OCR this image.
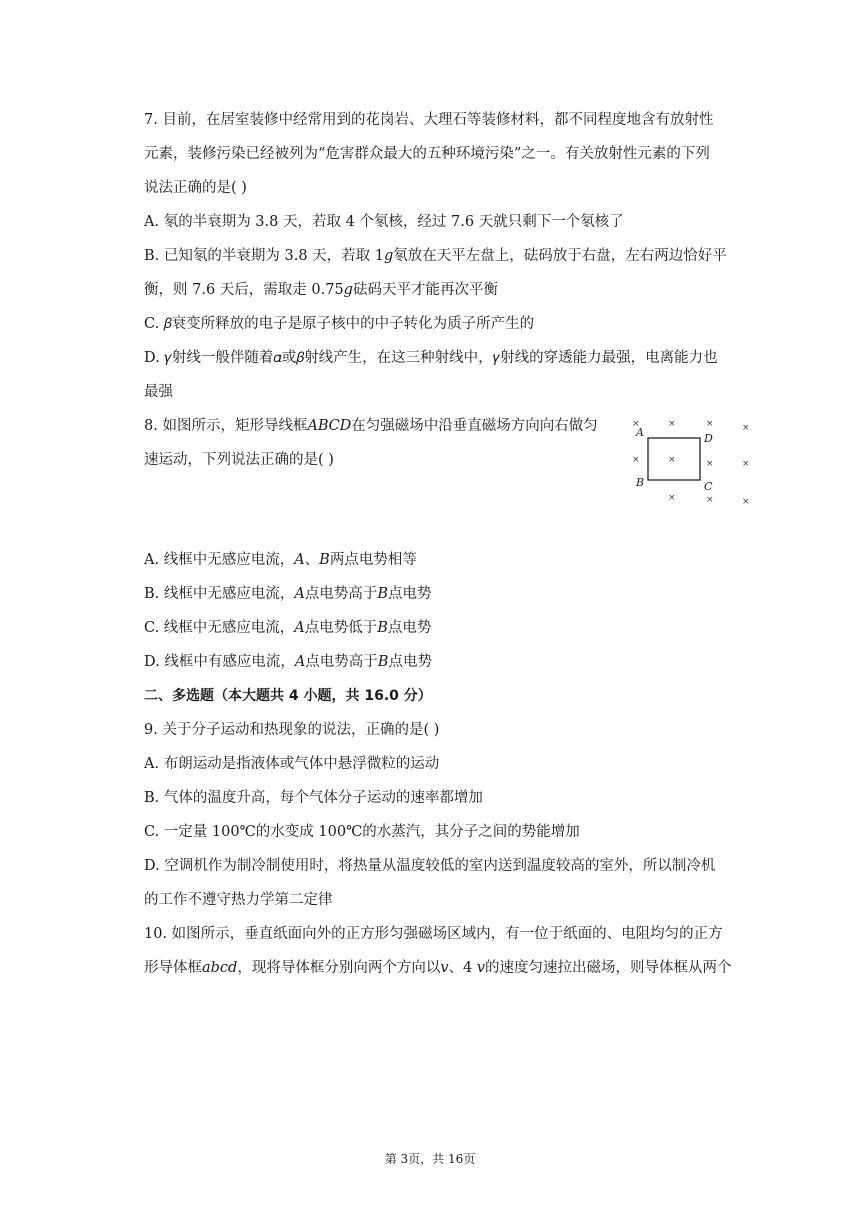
7. 目前，在居室装修中经常用到的花岗岩、大理石等装修材料，都不同程度地含有放射性
元素，装修污染已经被列为“危害群众最大的五种环境污染”之一。有关放射性元素的下列
说法正确的是( )
A. 氡的半衰期为 3.8 天，若取 4 个氡核，经过 7.6 天就只剩下一个氡核了
B. 已知氡的半衰期为 3.8 天，若取 1𝑔氡放在天平左盘上，砝码放于右盘，左右两边恰好平
衡，则 7.6 天后，需取走 0.75𝑔砝码天平才能再次平衡
C. 𝛽衰变所释放的电子是原子核中的中子转化为质子所产生的
D. 𝛾射线一般伴随着𝛼或𝛽射线产生，在这三种射线中，𝛾射线的穿透能力最强，电离能力也
最强
8. 如图所示，矩形导线框𝐴𝐵𝐶𝐷在匀强磁场中沿垂直磁场方向向右做匀
速运动，下列说法正确的是( )
×	×	×	×
×	×	×	×
×	×	×
A	D
B	C
A. 线框中无感应电流，𝐴、𝐵两点电势相等
B. 线框中无感应电流，𝐴点电势高于𝐵点电势
C. 线框中无感应电流，𝐴点电势低于𝐵点电势
D. 线框中有感应电流，𝐴点电势高于𝐵点电势
二、多选题（本大题共 4 小题，共 16.0 分）
9. 关于分子运动和热现象的说法，正确的是( )
A. 布朗运动是指液体或气体中悬浮微粒的运动
B. 气体的温度升高，每个气体分子运动的速率都增加
C. 一定量 100℃的水变成 100℃的水蒸汽，其分子之间的势能增加
D. 空调机作为制冷制使用时，将热量从温度较低的室内送到温度较高的室外，所以制冷机
的工作不遵守热力学第二定律
10. 如图所示，垂直纸面向外的正方形匀强磁场区域内，有一位于纸面的、电阻均匀的正方
形导体框𝑎𝑏𝑐𝑑，现将导体框分别向两个方向以𝑣、4 𝑣的速度匀速拉出磁场，则导体框从两个
第 3页，共 16页
